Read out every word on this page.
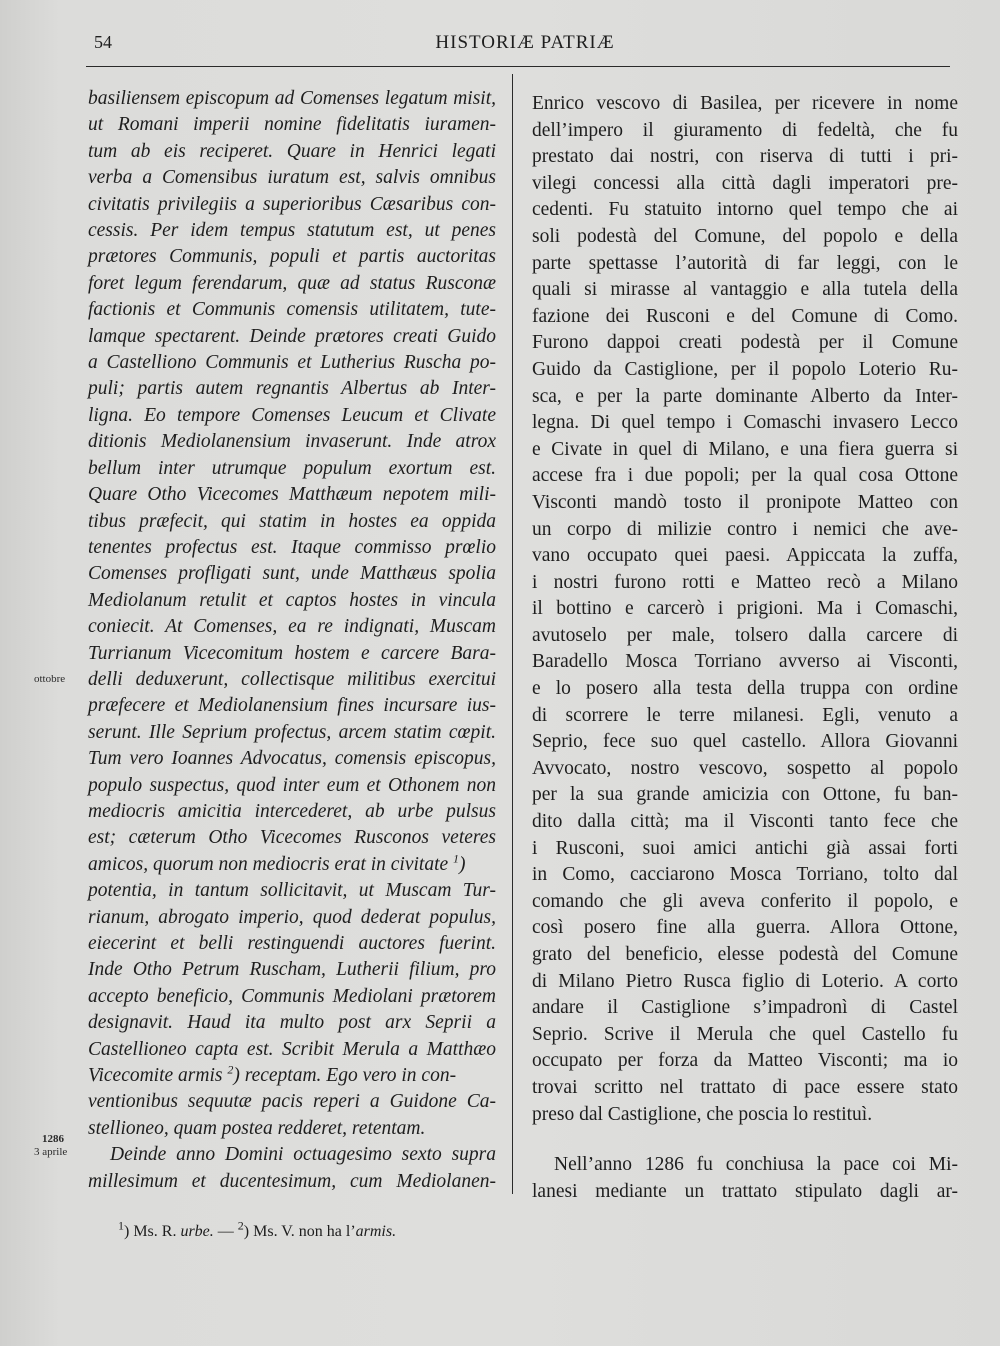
54	HISTORIÆ PATRIÆ
basiliensem episcopum ad Comenses legatum misit,
ut Romani imperii nomine fidelitatis iuramen-
tum ab eis reciperet. Quare in Henrici legati
verba a Comensibus iuratum est, salvis omnibus
civitatis privilegiis a superioribus Cæsaribus con-
cessis. Per idem tempus statutum est, ut penes
prætores Communis, populi et partis auctoritas
foret legum ferendarum, quæ ad status Rusconæ
factionis et Communis comensis utilitatem, tute-
lamque spectarent. Deinde prætores creati Guido
a Castelliono Communis et Lutherius Ruscha po-
puli; partis autem regnantis Albertus ab Inter-
ligna. Eo tempore Comenses Leucum et Clivate
ditionis Mediolanensium invaserunt. Inde atrox
bellum inter utrumque populum exortum est.
Quare Otho Vicecomes Matthæum nepotem mili-
tibus præfecit, qui statim in hostes ea oppida
tenentes profectus est. Itaque commisso prœlio
Comenses profligati sunt, unde Matthæus spolia
Mediolanum retulit et captos hostes in vincula
coniecit. At Comenses, ea re indignati, Muscam
Turrianum Vicecomitum hostem e carcere Bara-
delli deduxerunt, collectisque militibus exercitui
præfecere et Mediolanensium fines incursare ius-
serunt. Ille Seprium profectus, arcem statim cœpit.
Tum vero Ioannes Advocatus, comensis episcopus,
populo suspectus, quod inter eum et Othonem non
mediocris amicitia intercederet, ab urbe pulsus
est; cæterum Otho Vicecomes Rusconos veteres
amicos, quorum non mediocris erat in civitate $^1$)
potentia, in tantum sollicitavit, ut Muscam Tur-
rianum, abrogato imperio, quod dederat populus,
eiecerint et belli restinguendi auctores fuerint.
Inde Otho Petrum Rusсham, Lutherii filium, pro
accepto beneficio, Communis Mediolani prætorem
designavit. Haud ita multo post arx Seprii a
Castellioneo capta est. Scribit Merula a Matthæo
Vicecomite armis $^2$) receptam. Ego vero in con-
ventionibus sequutæ pacis reperi a Guidone Ca-
stellioneo, quam postea redderet, retentam.
Deinde anno Domini octuagesimo sexto supra
millesimum et ducentesimum, cum Mediolanen-
Enrico vescovo di Basilea, per ricevere in nome
dell’impero il giuramento di fedeltà, che fu
prestato dai nostri, con riserva di tutti i pri-
vilegi concessi alla città dagli imperatori pre-
cedenti. Fu statuito intorno quel tempo che ai
soli podestà del Comune, del popolo e della
parte spettasse l’autorità di far leggi, con le
quali si mirasse al vantaggio e alla tutela della
fazione dei Rusconi e del Comune di Como.
Furono dappoi creati podestà per il Comune
Guido da Castiglione, per il popolo Loterio Ru-
sca, e per la parte dominante Alberto da Inter-
legna. Di quel tempo i Comaschi invasero Lecco
e Civate in quel di Milano, e una fiera guerra si
accese fra i due popoli; per la qual cosa Ottone
Visconti mandò tosto il pronipote Matteo con
un corpo di milizie contro i nemici che ave-
vano occupato quei paesi. Appiccata la zuffa,
i nostri furono rotti e Matteo recò a Milano
il bottino e carcerò i prigioni. Ma i Comaschi,
avutoselo per male, tolsero dalla carcere di
Baradello Mosca Torriano avverso ai Visconti,
e lo posero alla testa della truppa con ordine
di scorrere le terre milanesi. Egli, venuto a
Seprio, fece suo quel castello. Allora Giovanni
Avvocato, nostro vescovo, sospetto al popolo
per la sua grande amicizia con Ottone, fu ban-
dito dalla città; ma il Visconti tanto fece che
i Rusconi, suoi amici antichi già assai forti
in Como, cacciarono Mosca Torriano, tolto dal
comando che gli aveva conferito il popolo, e
così posero fine alla guerra. Allora Ottone,
grato del beneficio, elesse podestà del Comune
di Milano Pietro Rusca figlio di Loterio. A corto
andare il Castiglione s’impadronì di Castel
Seprio. Scrive il Merula che quel Castello fu
occupato per forza da Matteo Visconti; ma io
trovai scritto nel trattato di pace essere stato
preso dal Castiglione, che poscia lo restituì.
Nell’anno 1286 fu conchiusa la pace coi Mi-
lanesi mediante un trattato stipulato dagli ar-
ottobre
1286
3 aprile
$^1$) Ms. R. urbe. — $^2$) Ms. V. non ha l’armis.
